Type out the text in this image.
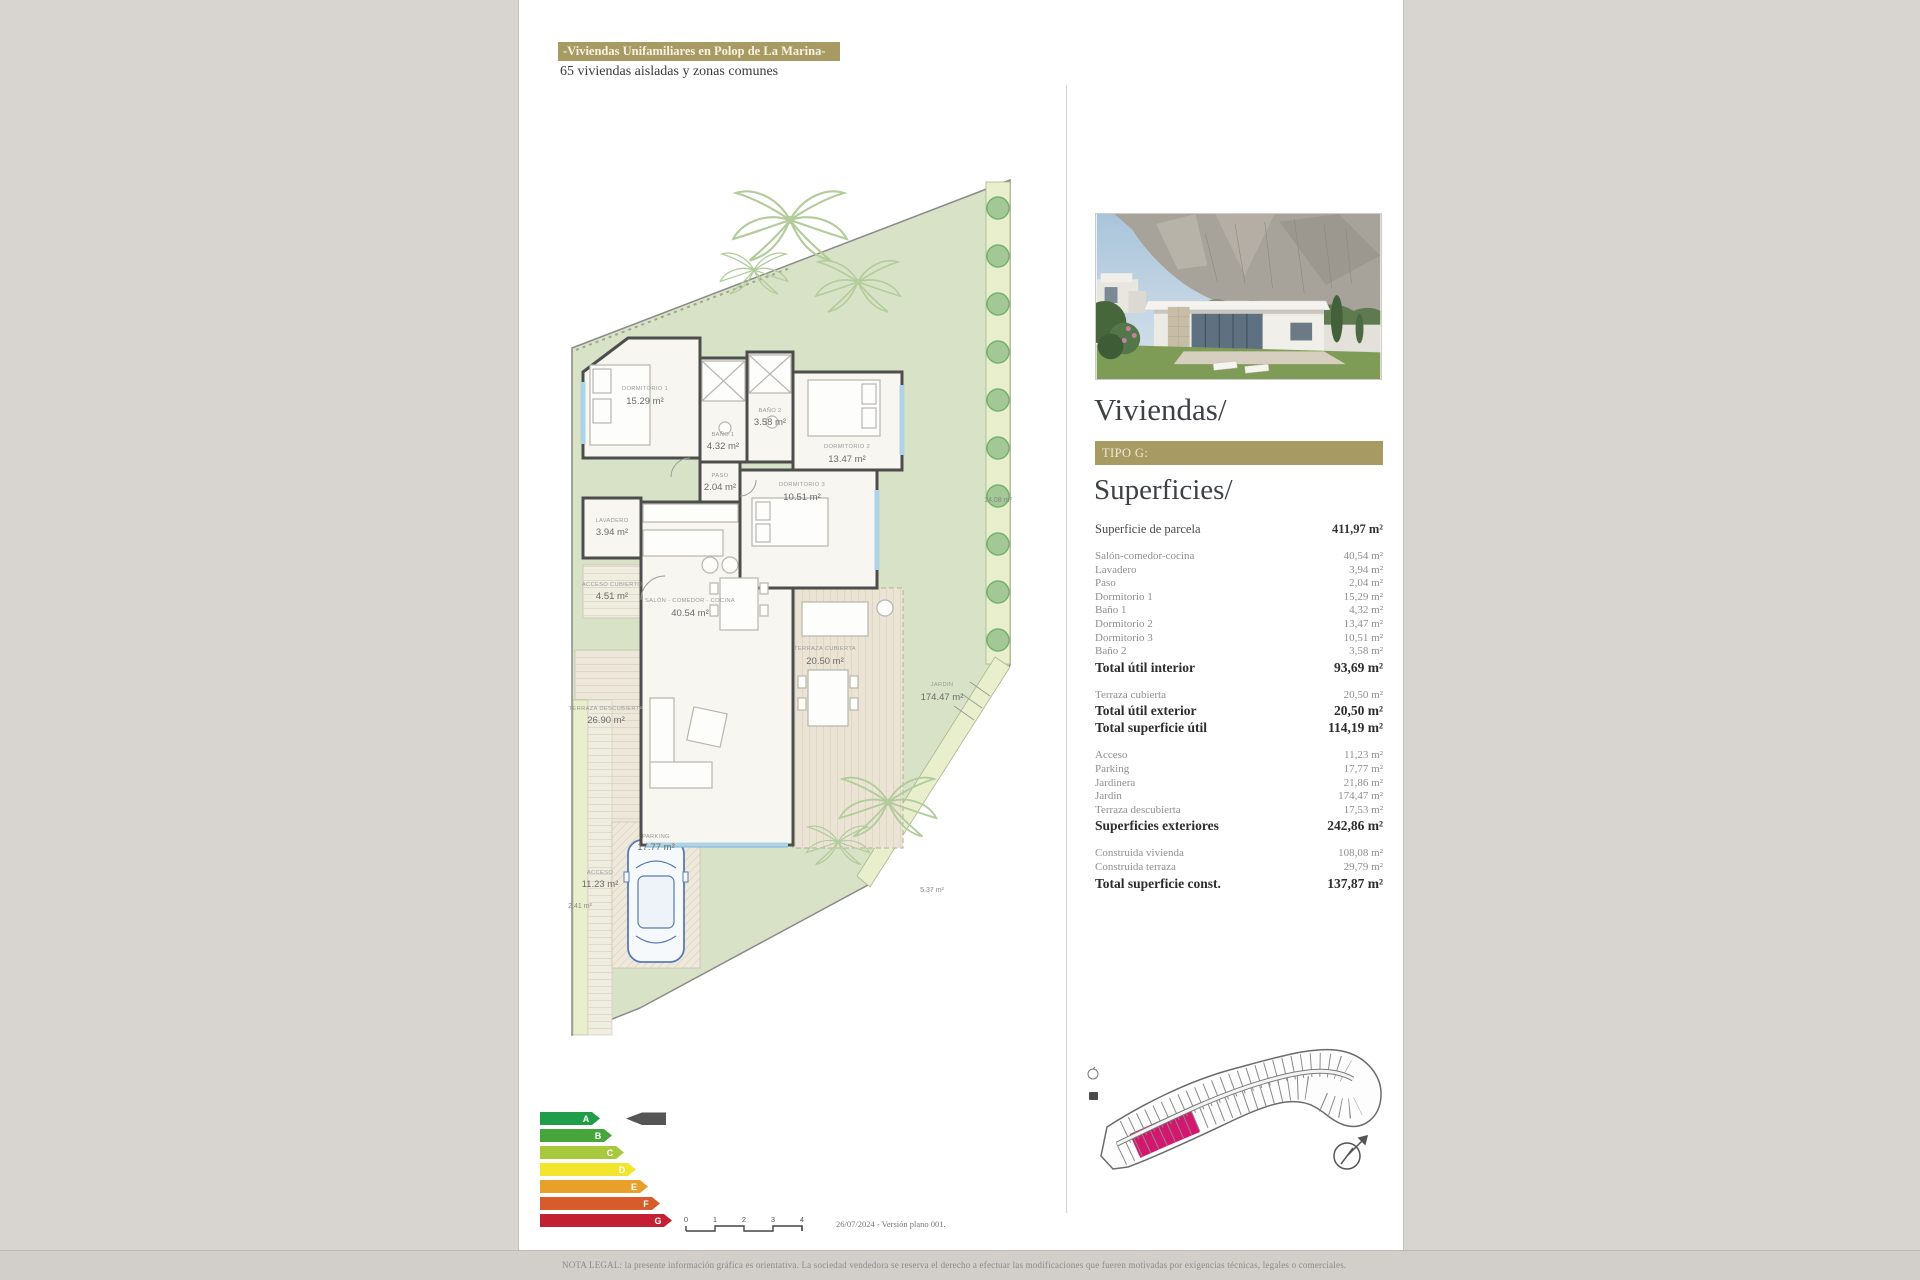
-Viviendas Unifamiliares en Polop de La Marina-
65 viviendas aisladas y zonas comunes
DORMITORIO 1
15.29 m²
BAÑO 1
4.32 m²
BAÑO 2
3.58 m²
DORMITORIO 2
13.47 m²
PASO
2.04 m²	DORMITORIO 3
10.51 m²
LAVADERO
3.94 m²
ACCESO CUBIERTO
4.51 m²	SALÓN - COMEDOR - COCINA
40.54 m²
TERRAZA CUBIERTA
20.50 m²
TERRAZA DESCUBIERTA
26.90 m²
JARDIN
174.47 m²
PARKING
17.77 m²
ACCESO
11.23 m²
2.41 m²
14.08 m²
5.37 m²
Viviendas/
TIPO G:
Superficies/
Superficie de parcela	411,97 m²
Salón-comedor-cocina	40,54 m²
Lavadero	3,94 m²
Paso	2,04 m²
Dormitorio 1	15,29 m²
Baño 1	4,32 m²
Dormitorio 2	13,47 m²
Dormitorio 3	10,51 m²
Baño 2	3,58 m²
Total útil interior	93,69 m²
Terraza cubierta	20,50 m²
Total útil exterior	20,50 m²
Total superficie útil	114,19 m²
Acceso	11,23 m²
Parking	17,77 m²
Jardinera	21,86 m²
Jardin	174,47 m²
Terraza descubierta	17,53 m²
Superficies exteriores	242,86 m²
Construida vivienda	108,08 m²
Construida terraza	29,79 m²
Total superficie const.	137,87 m²
A
B
C
D
E
F
G	0	1	2	3	4	26/07/2024 - Versión plano 001.
NOTA LEGAL: la presente información gráfica es orientativa. La sociedad vendedora se reserva el derecho a efectuar las modificaciones que fueren motivadas por exigencias técnicas, legales o comerciales.
